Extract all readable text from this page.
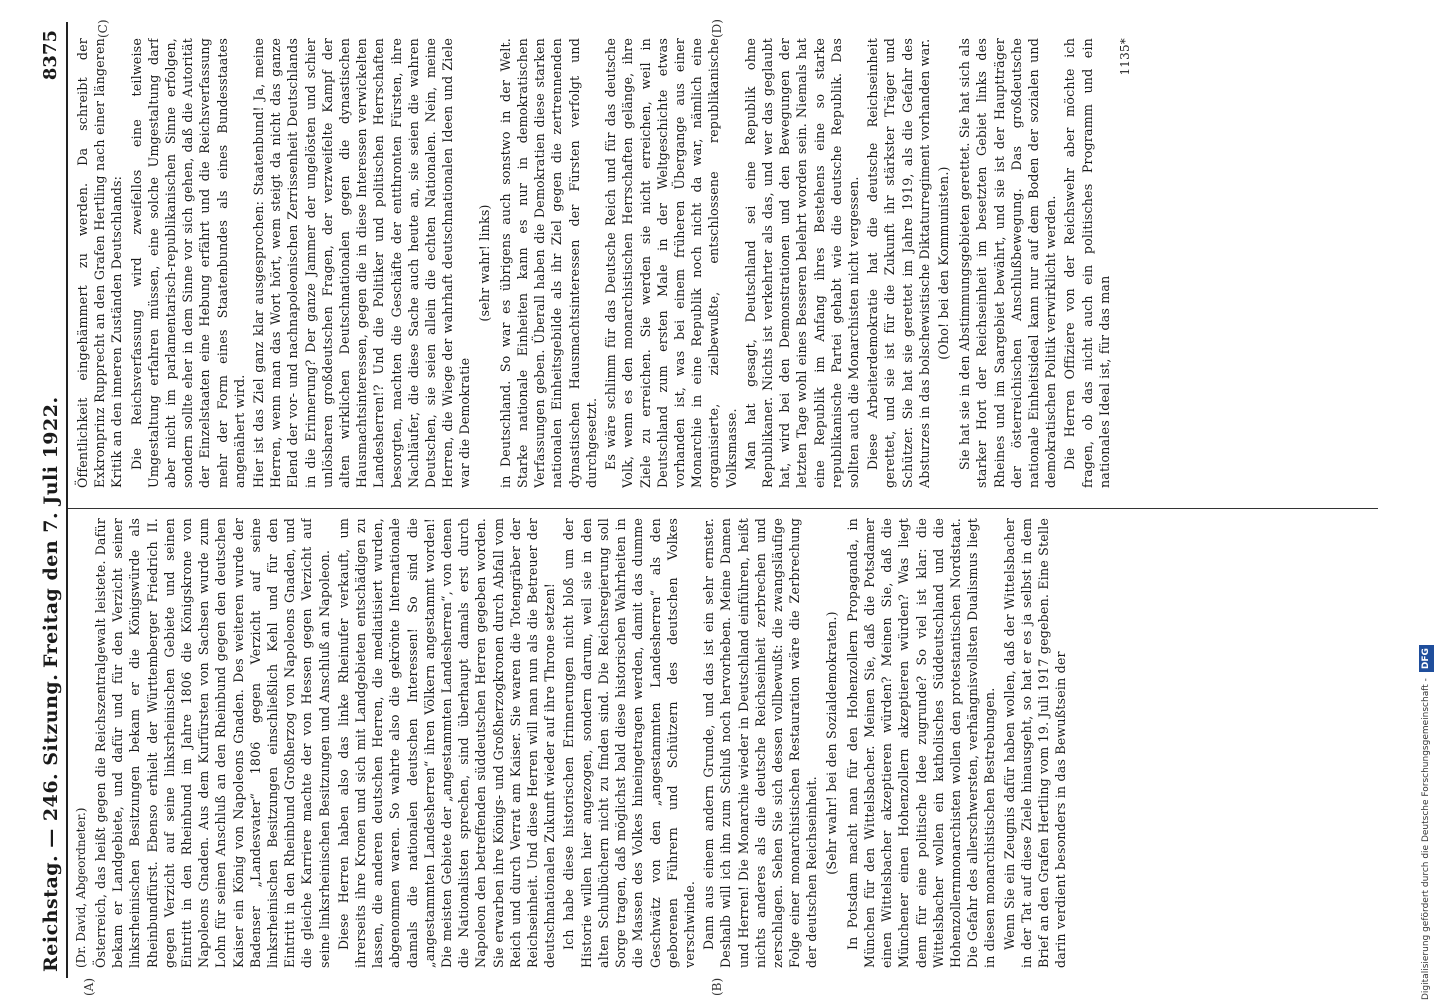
Reichstag. — 246. Sitzung.
Freitag den 7. Juli 1922.
8375
(A)	(B)
(C)	(D)

(Dr. David, Abgeordneter.) Österreich, das heißt gegen die Reichszentralgewalt leistete. Dafür bekam er Landgebiete, und dafür und für den Verzicht seiner linksrheinischen Besitzungen bekam er die Königswürde als Rheinbundfürst. Ebenso erhielt der Württemberger Friedrich II. gegen Verzicht auf seine linksrheinischen Gebiete und seinen Eintritt in den Rheinbund im Jahre 1806 die Königskrone von Napoleons Gnaden. Aus dem Kurfürsten von Sachsen wurde zum Lohn für seinen Anschluß an den Rheinbund gegen den deutschen Kaiser ein König von Napoleons Gnaden. Des weiteren wurde der Badenser „Landesvater“ 1806 gegen Verzicht auf seine linksrheinischen Besitzungen einschließlich Kehl und für den Eintritt in den Rheinbund Großherzog von Napoleons Gnaden, und die gleiche Karriere machte der von Hessen gegen Verzicht auf seine linksrheinischen Besitzungen und Anschluß an Napoleon. Diese Herren haben also das linke Rheinufer verkauft, um ihrerseits ihre Kronen und sich mit Landgebieten entschädigen zu lassen, die anderen deutschen Herren, die mediatisiert wurden, abgenommen waren. So wahrte also die gekrönte Internationale damals die nationalen deutschen Interessen! So sind die „angestammten Landesherren“ ihren Völkern angestammt worden! Die meisten Gebiete der „angestammten Landesherren“, von denen die Nationalisten sprechen, sind überhaupt damals erst durch Napoleon den betreffenden süddeutschen Herren gegeben worden. Sie erwarben ihre Königs- und Großherzogkronen durch Abfall vom Reich und durch Verrat am Kaiser. Sie waren die Totengräber der Reichseinheit. Und diese Herren will man nun als die Betreuer der deutschnationalen Zukunft wieder auf ihre Throne setzen! Ich habe diese historischen Erinnerungen nicht bloß um der Historie willen hier angezogen, sondern darum, weil sie in den alten Schulbüchern nicht zu finden sind. Die Reichsregierung soll Sorge tragen, daß möglichst bald diese historischen Wahrheiten in die Massen des Volkes hineingetragen werden, damit das dumme Geschwätz von den „angestammten Landesherren“ als den geborenen Führern und Schützern des deutschen Volkes verschwinde. Dann aus einem andern Grunde, und das ist ein sehr ernster. Deshalb will ich ihn zum Schluß noch hervorheben. Meine Damen und Herren! Die Monarchie wieder in Deutschland einführen, heißt nichts anderes als die deutsche Reichseinheit zerbrechen und zerschlagen. Sehen Sie sich dessen vollbewußt: die zwangsläufige Folge einer monarchistischen Restauration wäre die Zerbrechung der deutschen Reichseinheit. (Sehr wahr! bei den Sozialdemokraten.) In Potsdam macht man für den Hohenzollern Propaganda, in München für den Wittelsbacher. Meinen Sie, daß die Potsdamer einen Wittelsbacher akzeptieren würden? Meinen Sie, daß die Münchener einen Hohenzollern akzeptieren würden? Was liegt denn für eine politische Idee zugrunde? So viel ist klar: die Wittelsbacher wollen ein katholisches Süddeutschland und die Hohenzollernmonarchisten wollen den protestantischen Nordstaat. Die Gefahr des allerschwersten, verhängnisvollsten Dualismus liegt in diesen monarchistischen Bestrebungen. Wenn Sie ein Zeugnis dafür haben wollen, daß der Wittelsbacher in der Tat auf diese Ziele hinausgeht, so hat er es ja selbst in dem Brief an den Grafen Hertling vom 19. Juli 1917 gegeben. Eine Stelle darin verdient besonders in das Bewußtsein der

Öffentlichkeit eingehämmert zu werden. Da schreibt der Exkronprinz Rupprecht an den Grafen Hertling nach einer längeren Kritik an den inneren Zuständen Deutschlands: Die Reichsverfassung wird zweifellos eine teilweise Umgestaltung erfahren müssen, eine solche Umgestaltung darf aber nicht im parlamentarisch-republikanischen Sinne erfolgen, sondern sollte eher in dem Sinne vor sich gehen, daß die Autorität der Einzelstaaten eine Hebung erfährt und die Reichsverfassung mehr der Form eines Staatenbundes als eines Bundesstaates angenähert wird. Hier ist das Ziel ganz klar ausgesprochen: Staatenbund! Ja, meine Herren, wenn man das Wort hört, wem steigt da nicht das ganze Elend der vor- und nachnapoleonischen Zerrissenheit Deutschlands in die Erinnerung? Der ganze Jammer der ungelösten und schier unlösbaren großdeutschen Fragen, der verzweifelte Kampf der alten wirklichen Deutschnationalen gegen die dynastischen Hausmachtsinteressen, gegen die in diese Interessen verwickelten Landesherren!? Und die Politiker und politischen Herrschaften besorgten, machten die Geschäfte der entthronten Fürsten, ihre Nachläufer, die diese Sache auch heute an, sie seien die wahren Deutschen, sie seien allein die echten Nationalen. Nein, meine Herren, die Wiege der wahrhaft deutschnationalen Ideen und Ziele war die Demokratie

(sehr wahr! links) in Deutschland. So war es übrigens auch sonstwo in der Welt. Starke nationale Einheiten kann es nur in demokratischen Verfassungen geben. Überall haben die Demokratien diese starken nationalen Einheitsgebilde als ihr Ziel gegen die zertrennenden dynastischen Hausmachtsinteressen der Fürsten verfolgt und durchgesetzt. Es wäre schlimm für das Deutsche Reich und für das deutsche Volk, wenn es den monarchistischen Herrschaften gelänge, ihre Ziele zu erreichen. Sie werden sie nicht erreichen, weil in Deutschland zum ersten Male in der Weltgeschichte etwas vorhanden ist, was bei einem früheren Übergange aus einer Monarchie in eine Republik noch nicht da war, nämlich eine organisierte, zielbewußte, entschlossene republikanische Volksmasse. Man hat gesagt, Deutschland sei eine Republik ohne Republikaner. Nichts ist verkehrter als das, und wer das geglaubt hat, wird bei den Demonstrationen und den Bewegungen der letzten Tage wohl eines Besseren belehrt worden sein. Niemals hat eine Republik im Anfang ihres Bestehens eine so starke republikanische Partei gehabt wie die deutsche Republik. Das sollten auch die Monarchisten nicht vergessen. Diese Arbeiterdemokratie hat die deutsche Reichseinheit gerettet, und sie ist für die Zukunft ihr stärkster Träger und Schützer. Sie hat sie gerettet im Jahre 1919, als die Gefahr des Absturzes in das bolschewistische Diktaturregiment vorhanden war. (Oho! bei den Kommunisten.) Sie hat sie in den Abstimmungsgebieten gerettet. Sie hat sich als starker Hort der Reichseinheit im besetzten Gebiet links des Rheines und im Saargebiet bewährt, und sie ist der Hauptträger der österreichischen Anschlußbewegung. Das großdeutsche nationale Einheitsideal kann nur auf dem Boden der sozialen und demokratischen Politik verwirklicht werden. Die Herren Offiziere von der Reichswehr aber möchte ich fragen, ob das nicht auch ein politisches Programm und ein nationales Ideal ist, für das man

1135*

Digitalisierung gefördert durch die Deutsche Forschungsgemeinschaft -DFG
